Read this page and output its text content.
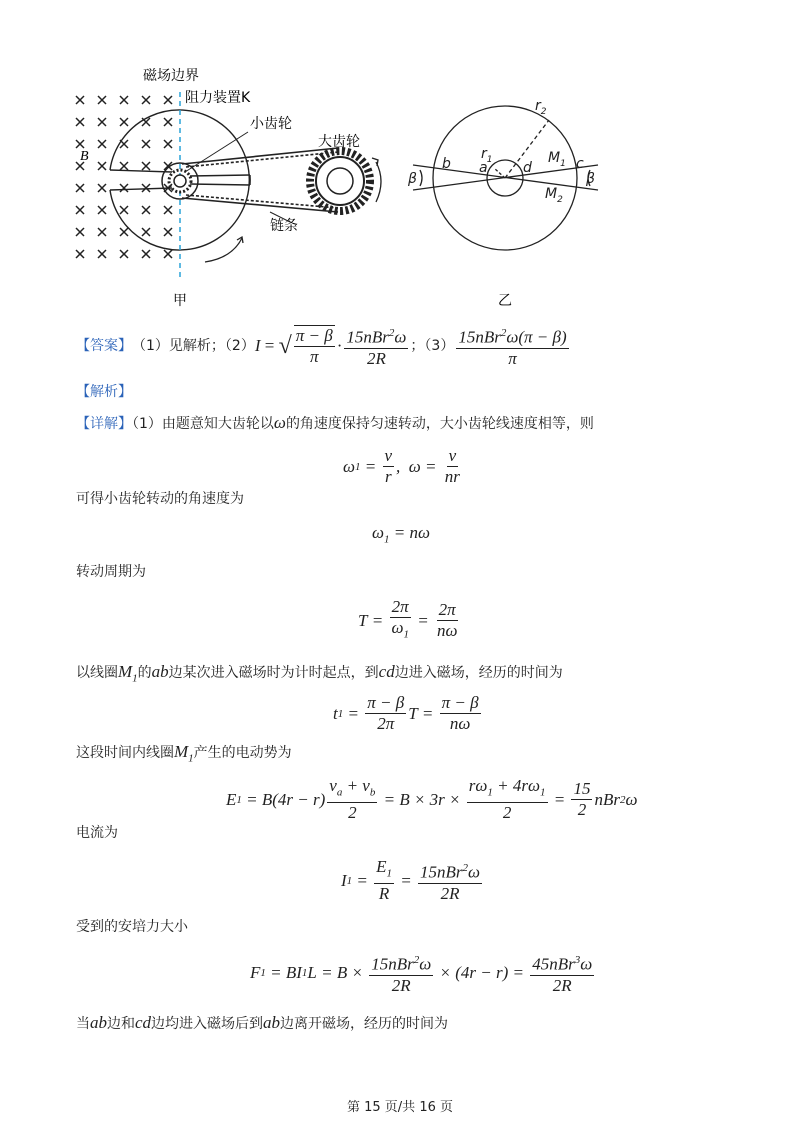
磁场边界
阻力装置K
小齿轮
大齿轮
链条
B
甲
$r_2$
$r_1$
a
b	d	c
$M_1$
$M_2$
β	β
乙
【答案】 （1）见解析；（2） I = √ $\frac{\pi - \beta}{\pi} \cdot \frac{15nBr^2\omega}{2R}$ ；$(3) \frac{15nBr^2\omega(\pi - \beta)}{\pi}$
【解析】
【详解】（1）由题意知大齿轮以ω的角速度保持匀速转动，大小齿轮线速度相等，则
ω $1 = \frac{v}{r}$ ,  $\omega = \frac{v}{nr}$
可得小齿轮转动的角速度为
$\omega_1 = n\omega$
转动周期为
$T = \frac{2\pi}{\omega_1} = \frac{2\pi}{n\omega}$
以线圈$M_1$的ab边某次进入磁场时为计时起点，到cd边进入磁场，经历的时间为
t $1 = \frac{\pi - \beta}{2\pi}$ $T = \frac{\pi - \beta}{n\omega}$
这段时间内线圈$M_1$产生的电动势为
E $1 = B(4r - r) \frac{v_a + v_b}{2} = B \times 3r \times \frac{r\omega_1 + 4r\omega_1}{2} = \frac{15}{2}$ nBr 2 ω
电流为
I $1 = \frac{E_1}{R} = \frac{15nBr^2\omega}{2R}$
受到的安培力大小
F 1 = BI 1 $L = B \times \frac{15nBr^2\omega}{2R} \times (4r - r) = \frac{45nBr^3\omega}{2R}$
当ab边和cd边均进入磁场后到ab边离开磁场，经历的时间为
第 15 页/共 16 页
